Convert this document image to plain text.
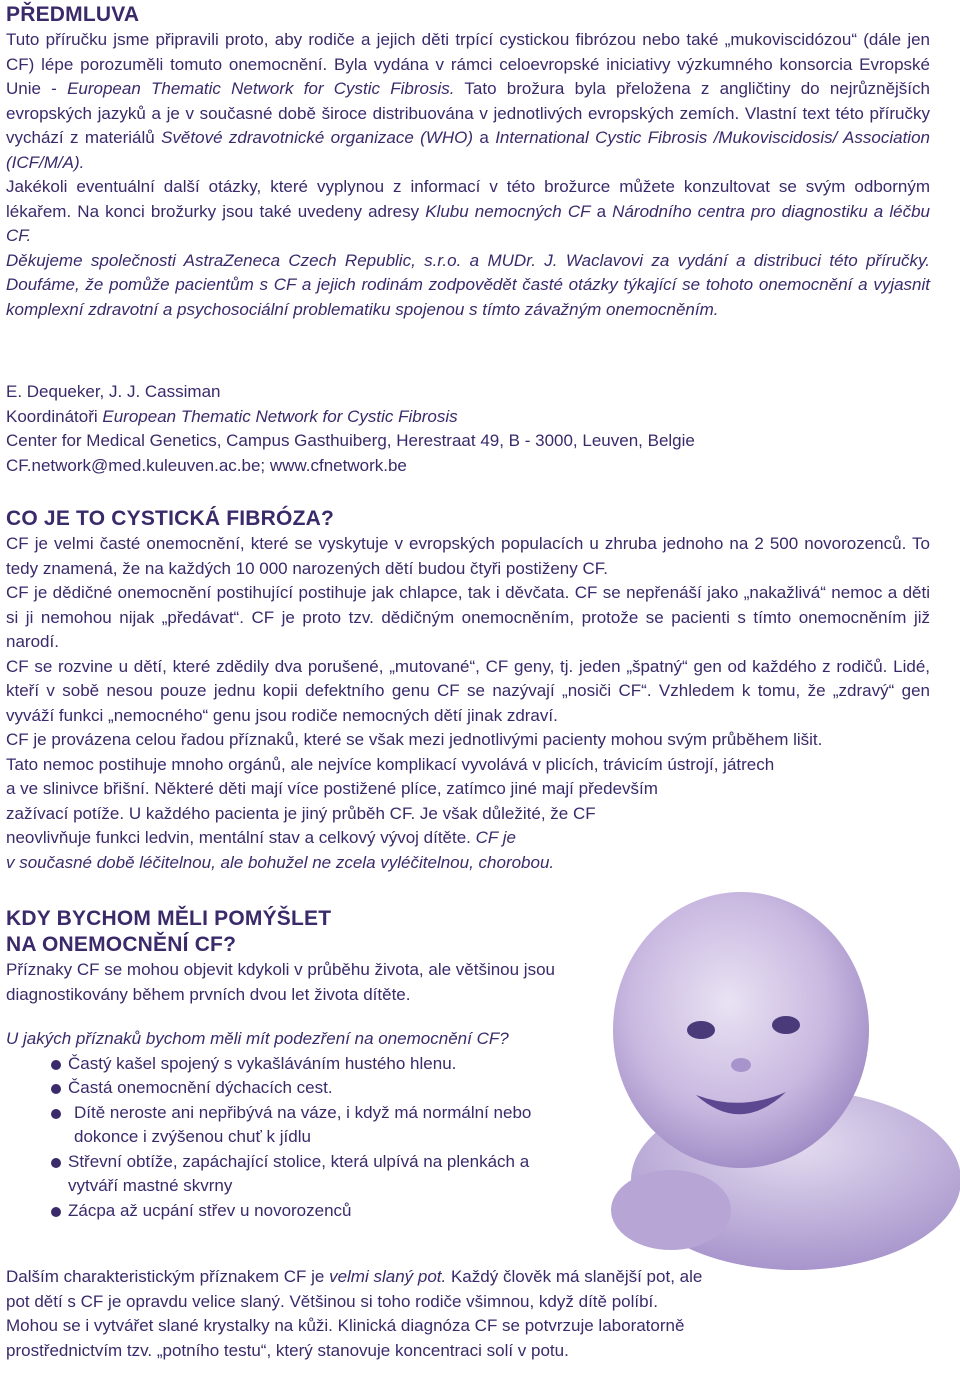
PŘEDMLUVA

Tuto příručku jsme připravili proto, aby rodiče a jejich děti trpící cystickou fibrózou nebo také „mukoviscidózou“ (dále jen CF) lépe porozuměli tomuto onemocnění. Byla vydána v rámci celoevropské iniciativy výzkumného konsorcia Evropské Unie - European Thematic Network for Cystic Fibrosis. Tato brožura byla přeložena z angličtiny do nejrůznějších evropských jazyků a je v současné době široce distribuována v jednotlivých evropských zemích. Vlastní text této příručky vychází z materiálů Světové zdravotnické organizace (WHO) a International Cystic Fibrosis /Mukoviscidosis/ Association (ICF/M/A).

Jakékoli eventuální další otázky, které vyplynou z informací v této brožurce můžete konzultovat se svým odborným lékařem. Na konci brožurky jsou také uvedeny adresy Klubu nemocných CF a Národního centra pro diagnostiku a léčbu CF.

Děkujeme společnosti AstraZeneca Czech Republic, s.r.o. a MUDr. J. Waclavovi za vydání a distribuci této příručky. Doufáme, že pomůže pacientům s CF a jejich rodinám zodpovědět časté otázky týkající se tohoto onemocnění a vyjasnit komplexní zdravotní a psychosociální problematiku spojenou s tímto závažným onemocněním.

E. Dequeker, J. J. Cassiman

Koordinátoři European Thematic Network for Cystic Fibrosis

Center for Medical Genetics, Campus Gasthuiberg, Herestraat 49, B - 3000, Leuven, Belgie

CF.network@med.kuleuven.ac.be; www.cfnetwork.be

CO JE TO CYSTICKÁ FIBRÓZA?

CF je velmi časté onemocnění, které se vyskytuje v evropských populacích u zhruba jednoho na 2 500 novorozenců. To tedy znamená, že na každých 10 000 narozených dětí budou čtyři postiženy CF.

CF je dědičné onemocnění postihující postihuje jak chlapce, tak i děvčata. CF se nepřenáší jako „nakažlivá“ nemoc a děti si ji nemohou nijak „předávat“. CF je proto tzv. dědičným onemocněním, protože se pacienti s tímto onemocněním již narodí.

CF se rozvine u dětí, které zdědily dva porušené, „mutované“, CF geny, tj. jeden „špatný“ gen od každého z rodičů. Lidé, kteří v sobě nesou pouze jednu kopii defektního genu CF se nazývají „nosiči CF“. Vzhledem k tomu, že „zdravý“ gen vyváží funkci „nemocného“ genu jsou rodiče nemocných dětí jinak zdraví.

CF je provázena celou řadou příznaků, které se však mezi jednotlivými pacienty mohou svým průběhem lišit.

Tato nemoc postihuje mnoho orgánů, ale nejvíce komplikací vyvolává v plicích, trávicím ústrojí, játrech

a ve slinivce břišní. Některé děti mají více postižené plíce, zatímco jiné mají především

zažívací potíže. U každého pacienta je jiný průběh CF. Je však důležité, že CF

neovlivňuje funkci ledvin, mentální stav a celkový vývoj dítěte. CF je

v současné době léčitelnou, ale bohužel ne zcela vyléčitelnou, chorobou.

KDY BYCHOM MĚLI POMÝŠLET
NA ONEMOCNĚNÍ CF?

Příznaky CF se mohou objevit kdykoli v průběhu života, ale většinou jsou diagnostikovány během prvních dvou let života dítěte.

U jakých příznaků bychom měli mít podezření na onemocnění CF?

Častý kašel spojený s vykašláváním hustého hlenu.
Častá onemocnění dýchacích cest.
Dítě neroste ani nepřibývá na váze, i když má normální nebo dokonce i zvýšenou chuť k jídlu
Střevní obtíže, zapáchající stolice, která ulpívá na plenkách a vytváří mastné skvrny
Zácpa až ucpání střev u novorozenců

Dalším charakteristickým příznakem CF je velmi slaný pot. Každý člověk má slanější pot, ale pot dětí s CF je opravdu velice slaný. Většinou si toho rodiče všimnou, když dítě políbí. Mohou se i vytvářet slané krystalky na kůži. Klinická diagnóza CF se potvrzuje laboratorně prostřednictvím tzv. „potního testu“, který stanovuje koncentraci solí v potu.
